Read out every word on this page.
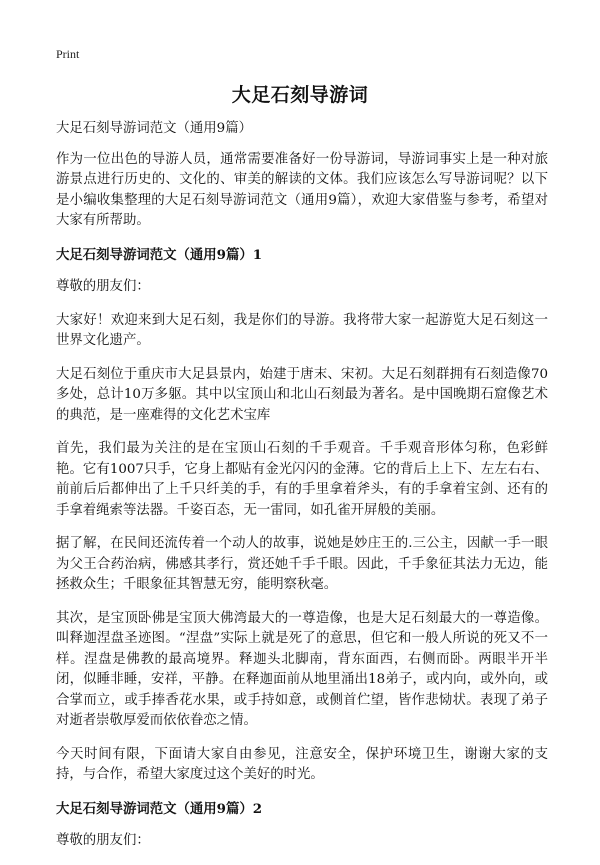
Print
大足石刻导游词

大足石刻导游词范文（通用9篇）

作为一位出色的导游人员，通常需要准备好一份导游词，导游词事实上是一种对旅游景点进行历史的、文化的、审美的解读的文体。我们应该怎么写导游词呢？以下是小编收集整理的大足石刻导游词范文（通用9篇），欢迎大家借鉴与参考，希望对大家有所帮助。

大足石刻导游词范文（通用9篇）1

尊敬的朋友们：

大家好！欢迎来到大足石刻，我是你们的导游。我将带大家一起游览大足石刻这一世界文化遗产。

大足石刻位于重庆市大足县景内，始建于唐末、宋初。大足石刻群拥有石刻造像70多处，总计10万多躯。其中以宝顶山和北山石刻最为著名。是中国晚期石窟像艺术的典范，是一座难得的文化艺术宝库

首先，我们最为关注的是在宝顶山石刻的千手观音。千手观音形体匀称，色彩鲜艳。它有1007只手，它身上都贴有金光闪闪的金薄。它的背后上上下、左左右右、前前后后都伸出了上千只纤美的手，有的手里拿着斧头，有的手拿着宝剑、还有的手拿着绳索等法器。千姿百态，无一雷同，如孔雀开屏般的美丽。

据了解，在民间还流传着一个动人的故事，说她是妙庄王的.三公主，因献一手一眼为父王合药治病，佛感其孝行，赏还她千手千眼。因此，千手象征其法力无边，能拯救众生；千眼象征其智慧无穷，能明察秋毫。

其次，是宝顶卧佛是宝顶大佛湾最大的一尊造像，也是大足石刻最大的一尊造像。叫释迦涅盘圣迹图。“涅盘”实际上就是死了的意思，但它和一般人所说的死又不一样。涅盘是佛教的最高境界。释迦头北脚南，背东面西，右侧而卧。两眼半开半闭，似睡非睡，安祥，平静。在释迦面前从地里涌出18弟子，或内向，或外向，或合掌而立，或手捧香花水果，或手持如意，或侧首伫望，皆作悲恸状。表现了弟子对逝者崇敬厚爱而依依眷恋之情。

今天时间有限，下面请大家自由参见，注意安全，保护环境卫生，谢谢大家的支持，与合作，希望大家度过这个美好的时光。

大足石刻导游词范文（通用9篇）2

尊敬的朋友们：
